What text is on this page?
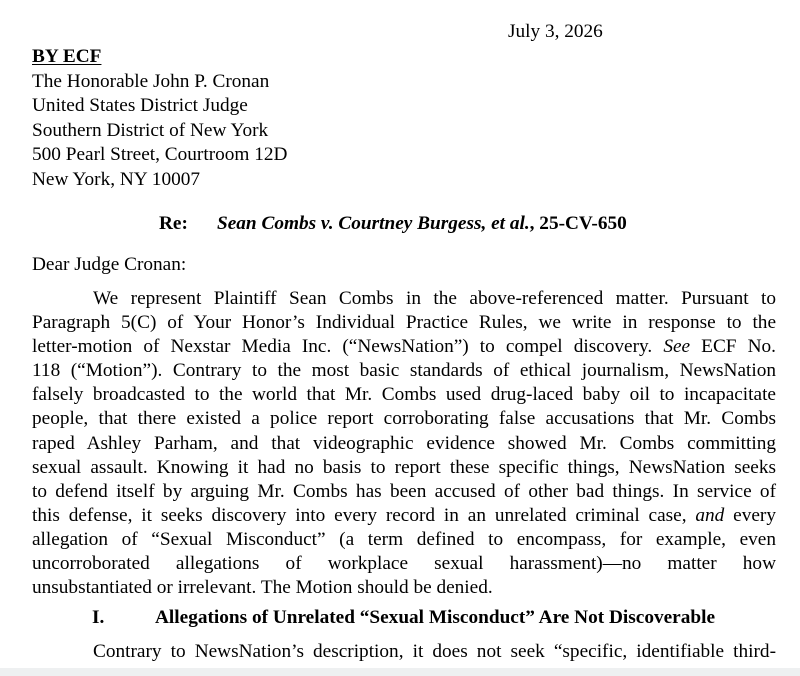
July 3, 2026
BY ECF
The Honorable John P. Cronan
United States District Judge
Southern District of New York
500 Pearl Street, Courtroom 12D
New York, NY 10007
Re: Sean Combs v. Courtney Burgess, et al., 25-CV-650
Dear Judge Cronan:
We represent Plaintiff Sean Combs in the above-referenced matter. Pursuant to
Paragraph 5(C) of Your Honor’s Individual Practice Rules, we write in response to the
letter-motion of Nexstar Media Inc. (“NewsNation”) to compel discovery. See ECF No.
118 (“Motion”). Contrary to the most basic standards of ethical journalism, NewsNation
falsely broadcasted to the world that Mr. Combs used drug-laced baby oil to incapacitate
people, that there existed a police report corroborating false accusations that Mr. Combs
raped Ashley Parham, and that videographic evidence showed Mr. Combs committing
sexual assault. Knowing it had no basis to report these specific things, NewsNation seeks
to defend itself by arguing Mr. Combs has been accused of other bad things. In service of
this defense, it seeks discovery into every record in an unrelated criminal case, and every
allegation of “Sexual Misconduct” (a term defined to encompass, for example, even
uncorroborated allegations of workplace sexual harassment)—no matter how
unsubstantiated or irrelevant. The Motion should be denied.
I.	Allegations of Unrelated “Sexual Misconduct” Are Not Discoverable
Contrary to NewsNation’s description, it does not seek “specific, identifiable third-
